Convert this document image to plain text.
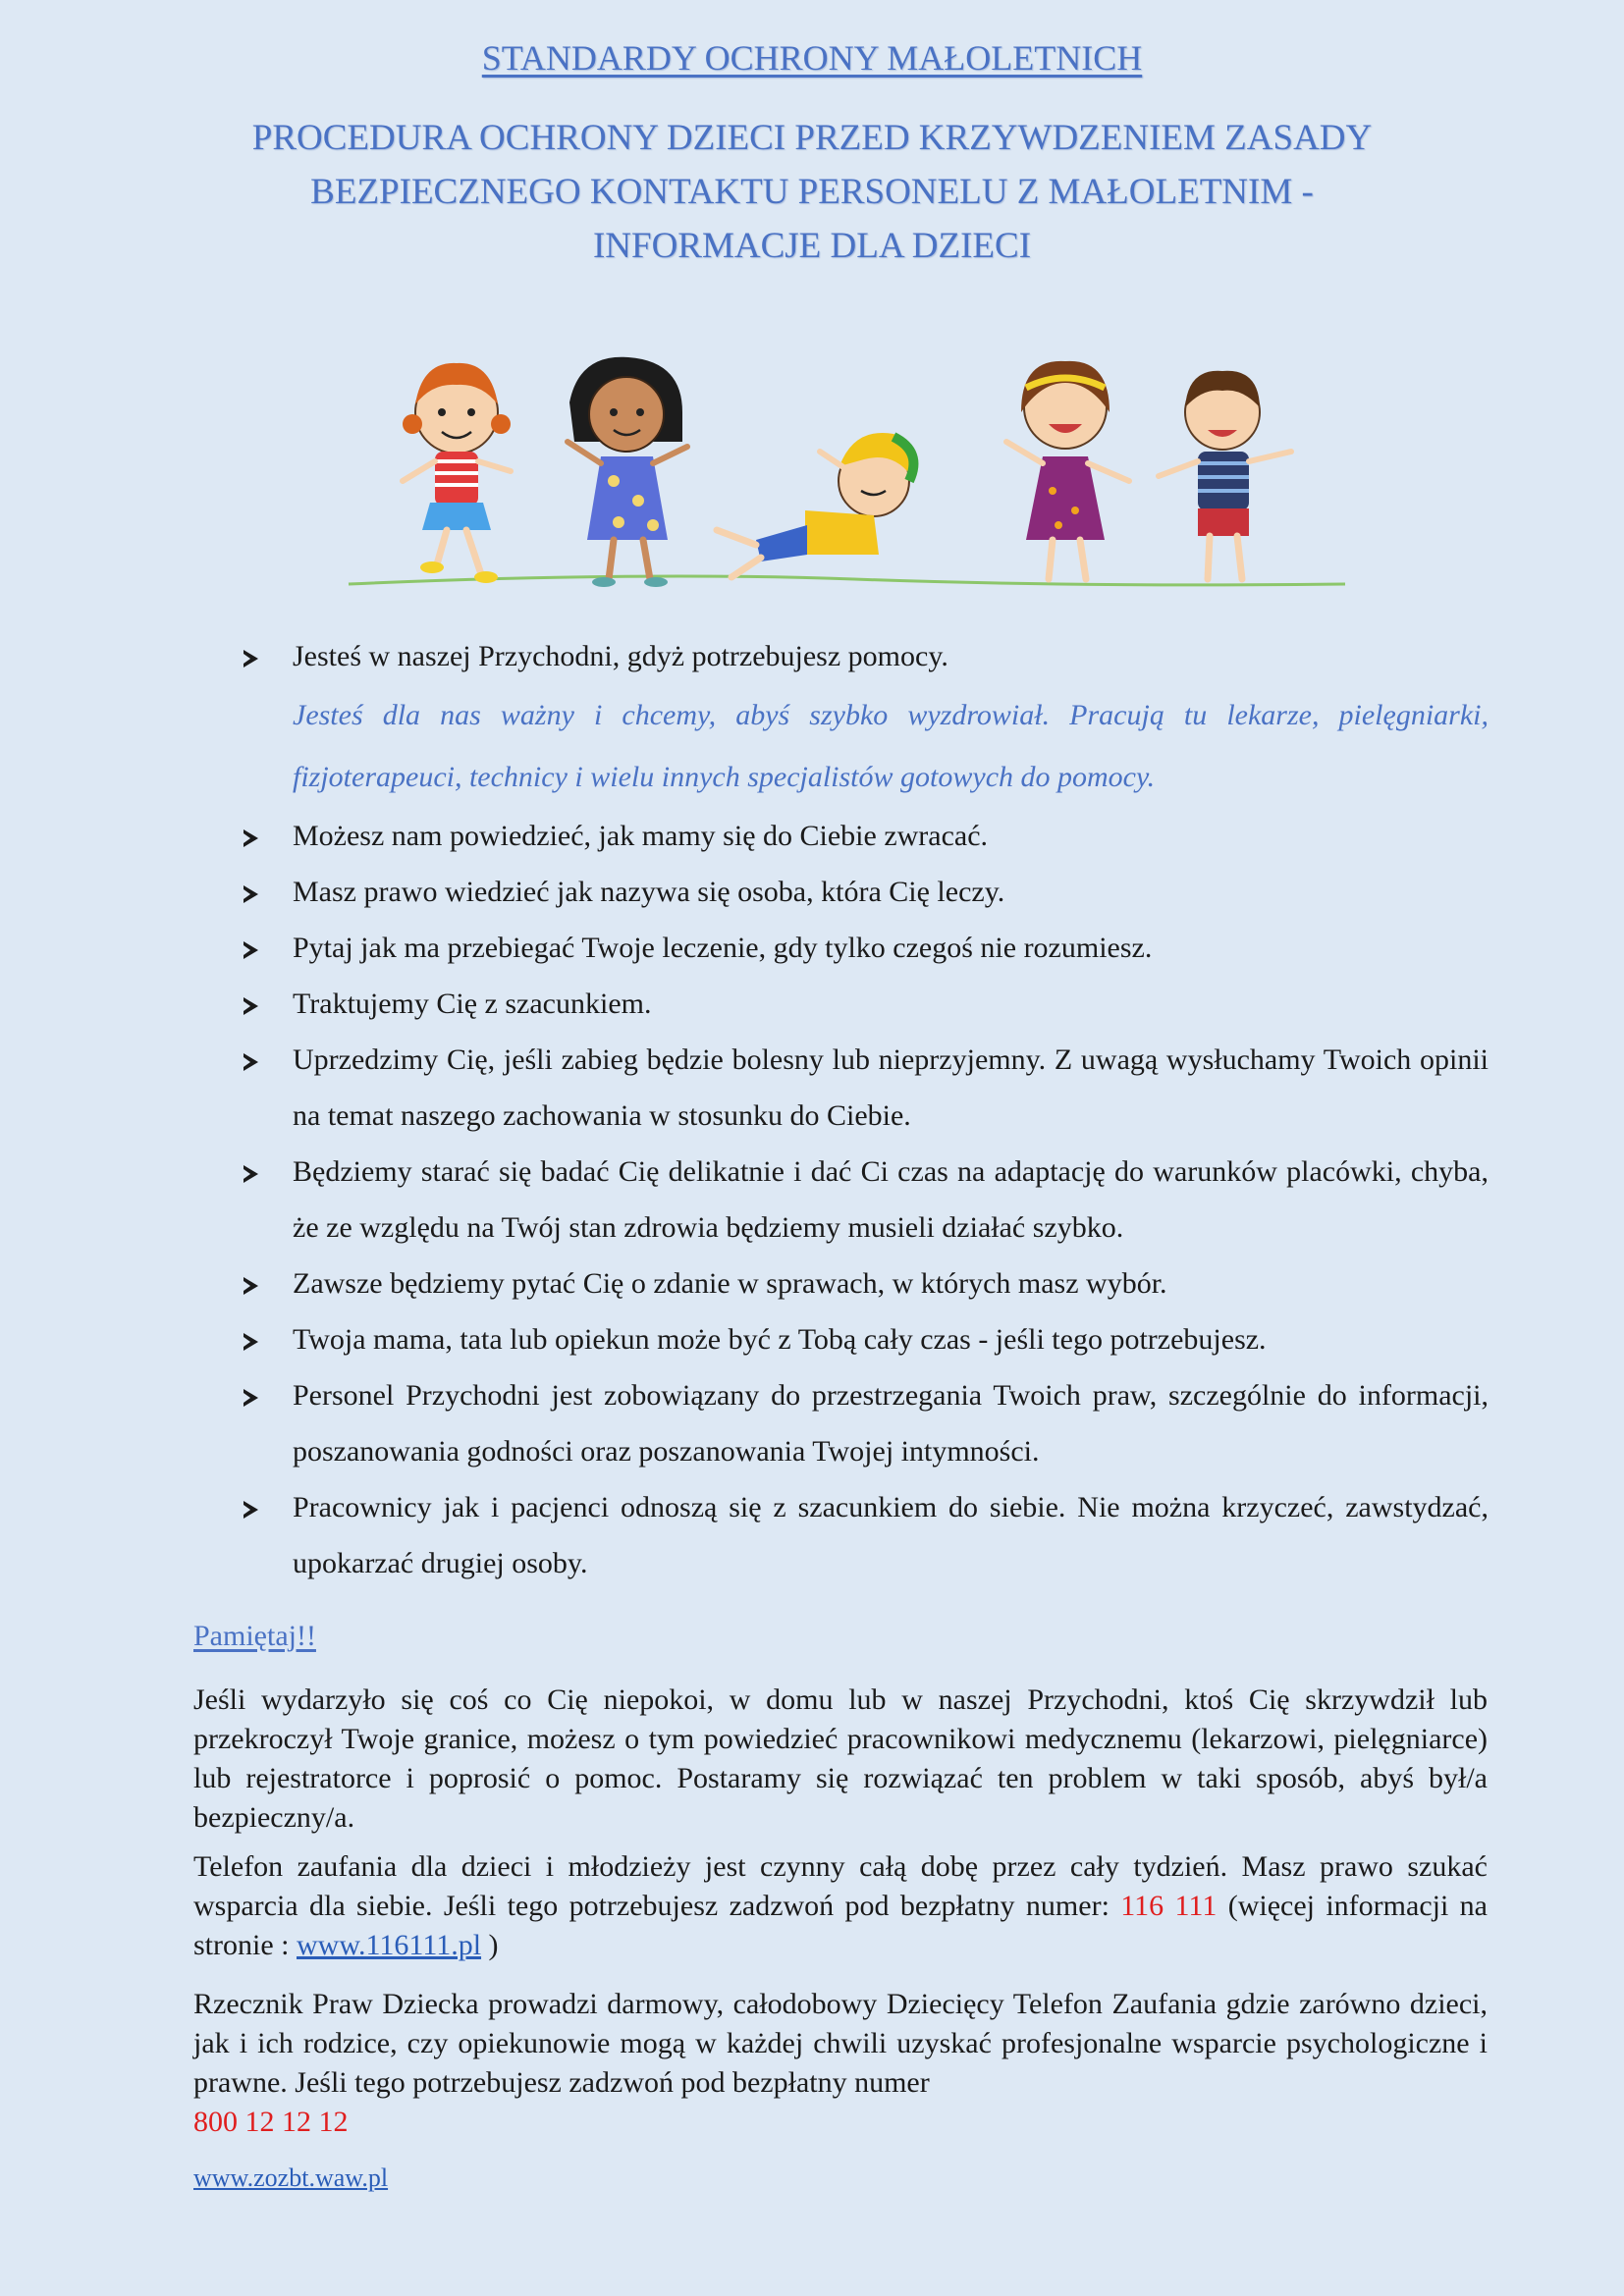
STANDARDY OCHRONY MAŁOLETNICH
PROCEDURA OCHRONY DZIECI PRZED KRZYWDZENIEM ZASADY
BEZPIECZNEGO KONTAKTU PERSONELU Z MAŁOLETNIM -
INFORMACJE DLA DZIECI
Jesteś w naszej Przychodni, gdyż potrzebujesz pomocy.
Jesteś dla nas ważny i chcemy, abyś szybko wyzdrowiał. Pracują tu lekarze, pielęgniarki, fizjoterapeuci, technicy i wielu innych specjalistów gotowych do pomocy.
Możesz nam powiedzieć, jak mamy się do Ciebie zwracać.
Masz prawo wiedzieć jak nazywa się osoba, która Cię leczy.
Pytaj jak ma przebiegać Twoje leczenie, gdy tylko czegoś nie rozumiesz.
Traktujemy Cię z szacunkiem.
Uprzedzimy Cię, jeśli zabieg będzie bolesny lub nieprzyjemny. Z uwagą wysłuchamy Twoich opinii na temat naszego zachowania w stosunku do Ciebie.
Będziemy starać się badać Cię delikatnie i dać Ci czas na adaptację do warunków placówki, chyba, że ze względu na Twój stan zdrowia będziemy musieli działać szybko.
Zawsze będziemy pytać Cię o zdanie w sprawach, w których masz wybór.
Twoja mama, tata lub opiekun może być z Tobą cały czas - jeśli tego potrzebujesz.
Personel Przychodni jest zobowiązany do przestrzegania Twoich praw, szczególnie do informacji, poszanowania godności oraz poszanowania Twojej intymności.
Pracownicy jak i pacjenci odnoszą się z szacunkiem do siebie. Nie można krzyczeć, zawstydzać, upokarzać drugiej osoby.
Pamiętaj!!

Jeśli wydarzyło się coś co Cię niepokoi, w domu lub w naszej Przychodni, ktoś Cię skrzywdził lub przekroczył Twoje granice, możesz o tym powiedzieć pracownikowi medycznemu (lekarzowi, pielęgniarce) lub rejestratorce i poprosić o pomoc. Postaramy się rozwiązać ten problem w taki sposób, abyś był/a bezpieczny/a.

Telefon zaufania dla dzieci i młodzieży jest czynny całą dobę przez cały tydzień. Masz prawo szukać wsparcia dla siebie. Jeśli tego potrzebujesz zadzwoń pod bezpłatny numer: 116 111 (więcej informacji na stronie : www.116111.pl )

Rzecznik Praw Dziecka prowadzi darmowy, całodobowy Dziecięcy Telefon Zaufania gdzie zarówno dzieci, jak i ich rodzice, czy opiekunowie mogą w każdej chwili uzyskać profesjonalne wsparcie psychologiczne i prawne. Jeśli tego potrzebujesz zadzwoń pod bezpłatny numer
800 12 12 12

www.zozbt.waw.pl
